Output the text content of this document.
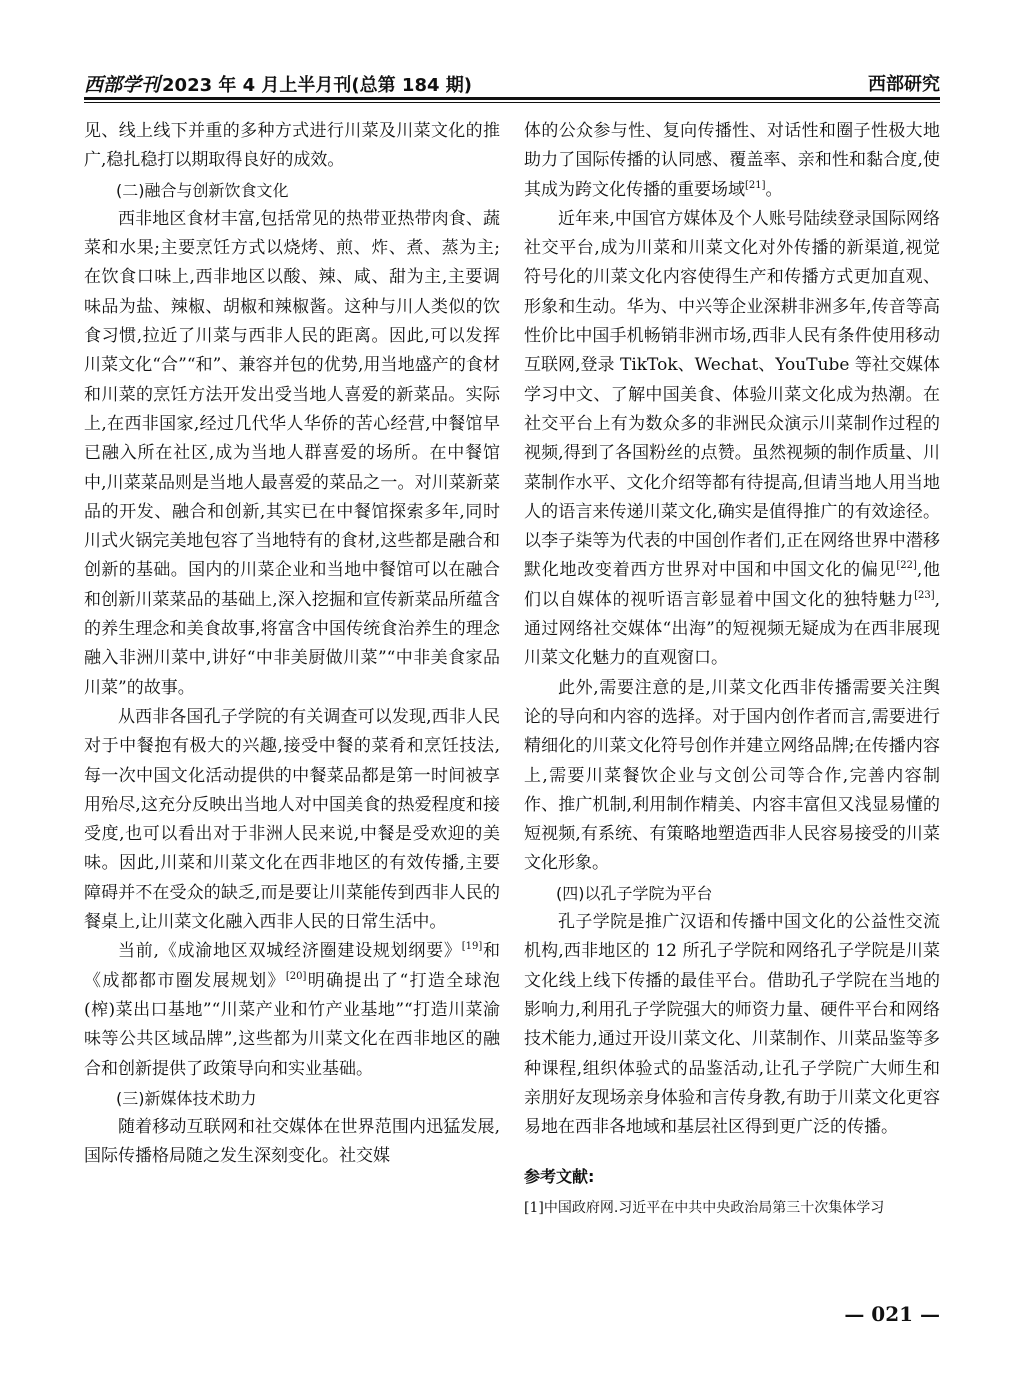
西部学刊 2023 年 4 月上半月刊(总第 184 期)	西部研究

见、线上线下并重的多种方式进行川菜及川菜文化的推广,稳扎稳打以期取得良好的成效。

(二)融合与创新饮食文化

西非地区食材丰富,包括常见的热带亚热带肉食、蔬菜和水果;主要烹饪方式以烧烤、煎、炸、煮、蒸为主;在饮食口味上,西非地区以酸、辣、咸、甜为主,主要调味品为盐、辣椒、胡椒和辣椒酱。这种与川人类似的饮食习惯,拉近了川菜与西非人民的距离。因此,可以发挥川菜文化“合”“和”、兼容并包的优势,用当地盛产的食材和川菜的烹饪方法开发出受当地人喜爱的新菜品。实际上,在西非国家,经过几代华人华侨的苦心经营,中餐馆早已融入所在社区,成为当地人群喜爱的场所。在中餐馆中,川菜菜品则是当地人最喜爱的菜品之一。对川菜新菜品的开发、融合和创新,其实已在中餐馆探索多年,同时川式火锅完美地包容了当地特有的食材,这些都是融合和创新的基础。国内的川菜企业和当地中餐馆可以在融合和创新川菜菜品的基础上,深入挖掘和宣传新菜品所蕴含的养生理念和美食故事,将富含中国传统食治养生的理念融入非洲川菜中,讲好“中非美厨做川菜”“中非美食家品川菜”的故事。

从西非各国孔子学院的有关调查可以发现,西非人民对于中餐抱有极大的兴趣,接受中餐的菜肴和烹饪技法,每一次中国文化活动提供的中餐菜品都是第一时间被享用殆尽,这充分反映出当地人对中国美食的热爱程度和接受度,也可以看出对于非洲人民来说,中餐是受欢迎的美味。因此,川菜和川菜文化在西非地区的有效传播,主要障碍并不在受众的缺乏,而是要让川菜能传到西非人民的餐桌上,让川菜文化融入西非人民的日常生活中。

当前,《成渝地区双城经济圈建设规划纲要》[19]和《成都都市圈发展规划》[20]明确提出了“打造全球泡(榨)菜出口基地”“川菜产业和竹产业基地”“打造川菜渝味等公共区域品牌”,这些都为川菜文化在西非地区的融合和创新提供了政策导向和实业基础。

(三)新媒体技术助力

随着移动互联网和社交媒体在世界范围内迅猛发展,国际传播格局随之发生深刻变化。社交媒

体的公众参与性、复向传播性、对话性和圈子性极大地助力了国际传播的认同感、覆盖率、亲和性和黏合度,使其成为跨文化传播的重要场域[21]。

近年来,中国官方媒体及个人账号陆续登录国际网络社交平台,成为川菜和川菜文化对外传播的新渠道,视觉符号化的川菜文化内容使得生产和传播方式更加直观、形象和生动。华为、中兴等企业深耕非洲多年,传音等高性价比中国手机畅销非洲市场,西非人民有条件使用移动互联网,登录 TikTok、Wechat、YouTube 等社交媒体学习中文、了解中国美食、体验川菜文化成为热潮。在社交平台上有为数众多的非洲民众演示川菜制作过程的视频,得到了各国粉丝的点赞。虽然视频的制作质量、川菜制作水平、文化介绍等都有待提高,但请当地人用当地人的语言来传递川菜文化,确实是值得推广的有效途径。以李子柒等为代表的中国创作者们,正在网络世界中潜移默化地改变着西方世界对中国和中国文化的偏见[22],他们以自媒体的视听语言彰显着中国文化的独特魅力[23],通过网络社交媒体“出海”的短视频无疑成为在西非展现川菜文化魅力的直观窗口。

此外,需要注意的是,川菜文化西非传播需要关注舆论的导向和内容的选择。对于国内创作者而言,需要进行精细化的川菜文化符号创作并建立网络品牌;在传播内容上,需要川菜餐饮企业与文创公司等合作,完善内容制作、推广机制,利用制作精美、内容丰富但又浅显易懂的短视频,有系统、有策略地塑造西非人民容易接受的川菜文化形象。

(四)以孔子学院为平台

孔子学院是推广汉语和传播中国文化的公益性交流机构,西非地区的 12 所孔子学院和网络孔子学院是川菜文化线上线下传播的最佳平台。借助孔子学院在当地的影响力,利用孔子学院强大的师资力量、硬件平台和网络技术能力,通过开设川菜文化、川菜制作、川菜品鉴等多种课程,组织体验式的品鉴活动,让孔子学院广大师生和亲朋好友现场亲身体验和言传身教,有助于川菜文化更容易地在西非各地域和基层社区得到更广泛的传播。

参考文献:

[1]中国政府网.习近平在中共中央政治局第三十次集体学习

— 021 —
